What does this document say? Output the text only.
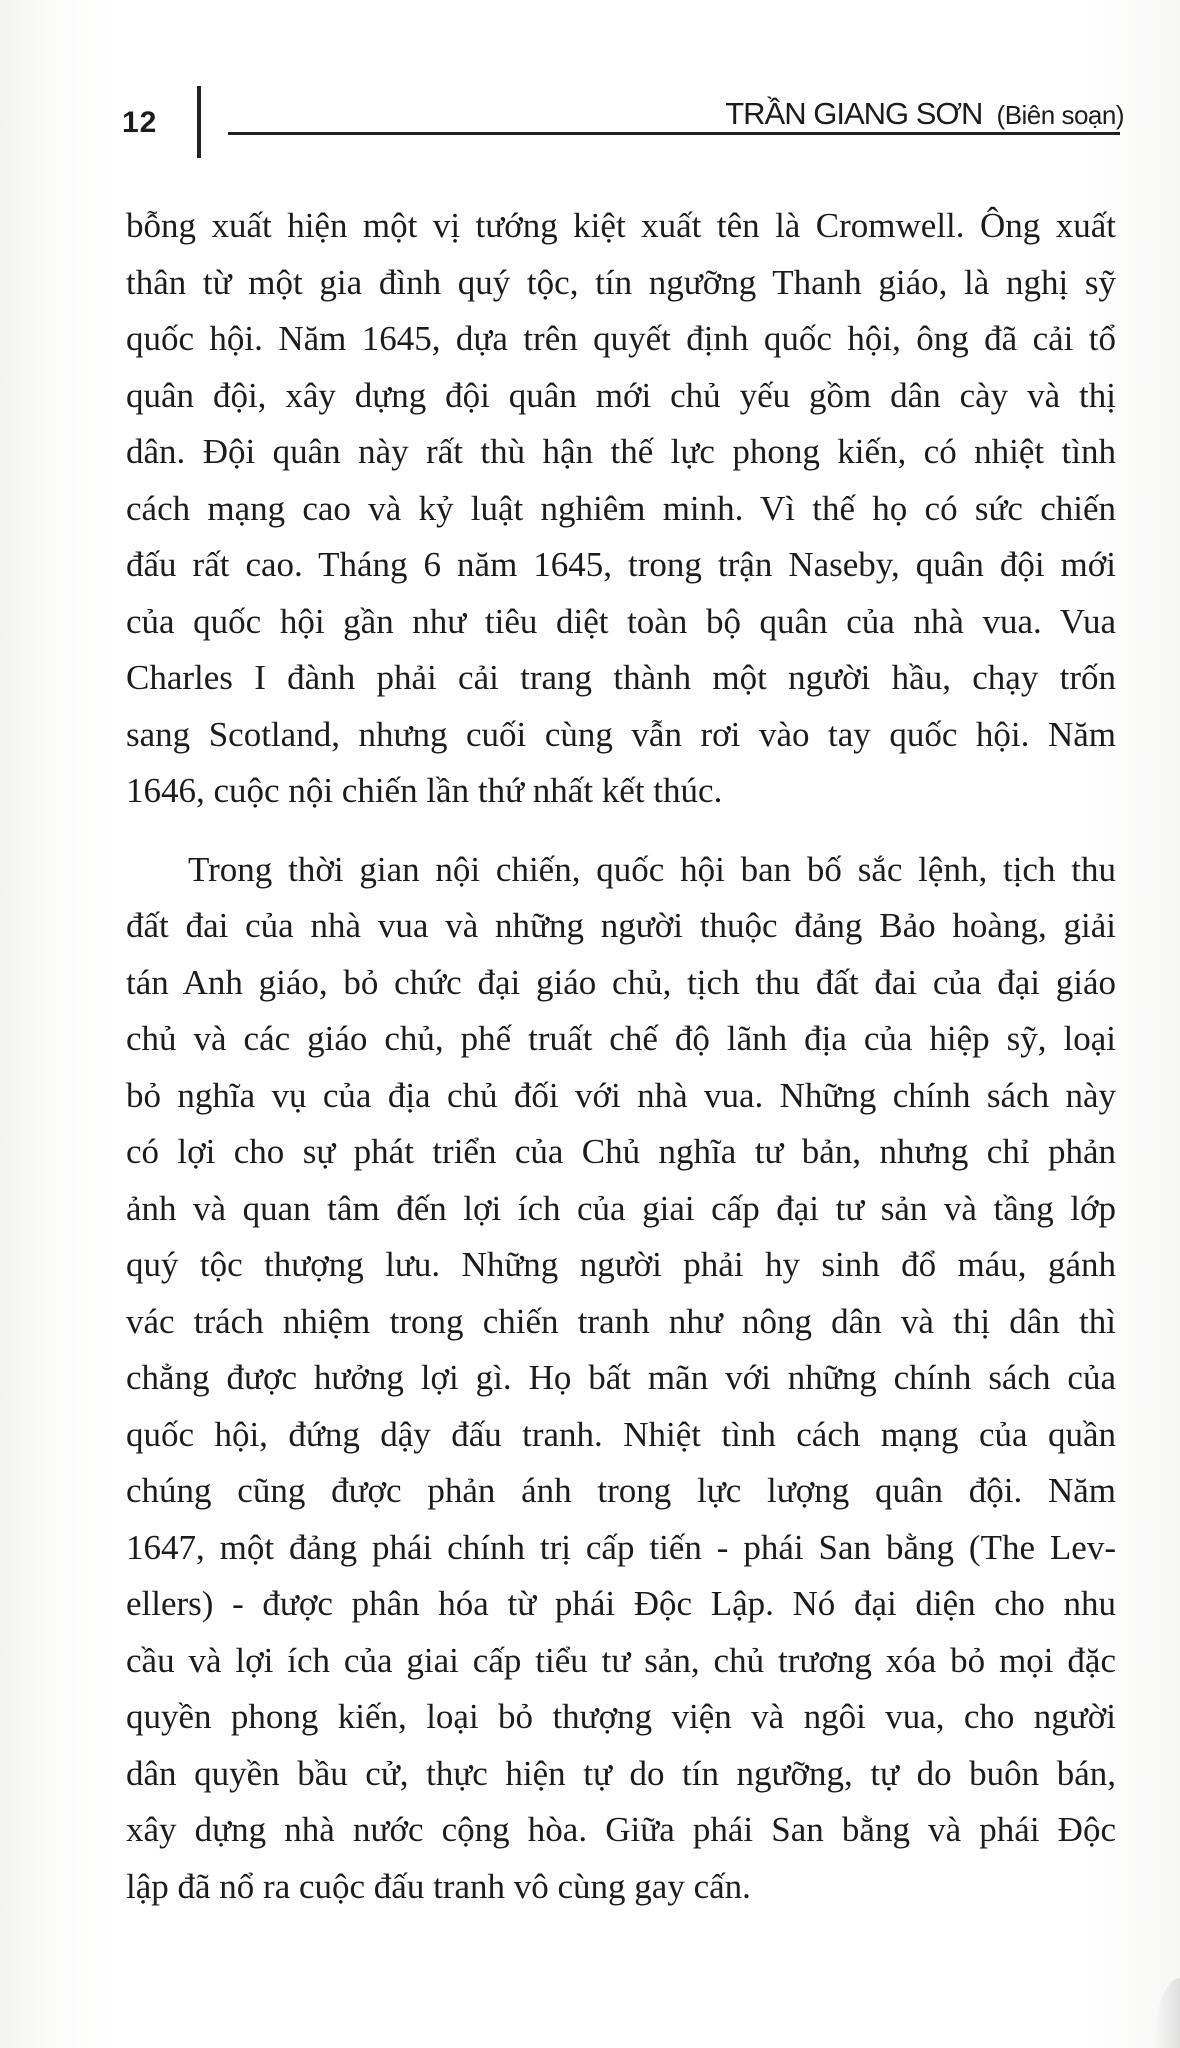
12	TRẦN GIANG SƠN (Biên soạn)
bỗng xuất hiện một vị tướng kiệt xuất tên là Cromwell. Ông xuất
thân từ một gia đình quý tộc, tín ngưỡng Thanh giáo, là nghị sỹ
quốc hội. Năm 1645, dựa trên quyết định quốc hội, ông đã cải tổ
quân đội, xây dựng đội quân mới chủ yếu gồm dân cày và thị
dân. Đội quân này rất thù hận thế lực phong kiến, có nhiệt tình
cách mạng cao và kỷ luật nghiêm minh. Vì thế họ có sức chiến
đấu rất cao. Tháng 6 năm 1645, trong trận Naseby, quân đội mới
của quốc hội gần như tiêu diệt toàn bộ quân của nhà vua. Vua
Charles I đành phải cải trang thành một người hầu, chạy trốn
sang Scotland, nhưng cuối cùng vẫn rơi vào tay quốc hội. Năm
1646, cuộc nội chiến lần thứ nhất kết thúc.
Trong thời gian nội chiến, quốc hội ban bố sắc lệnh, tịch thu
đất đai của nhà vua và những người thuộc đảng Bảo hoàng, giải
tán Anh giáo, bỏ chức đại giáo chủ, tịch thu đất đai của đại giáo
chủ và các giáo chủ, phế truất chế độ lãnh địa của hiệp sỹ, loại
bỏ nghĩa vụ của địa chủ đối với nhà vua. Những chính sách này
có lợi cho sự phát triển của Chủ nghĩa tư bản, nhưng chỉ phản
ảnh và quan tâm đến lợi ích của giai cấp đại tư sản và tầng lớp
quý tộc thượng lưu. Những người phải hy sinh đổ máu, gánh
vác trách nhiệm trong chiến tranh như nông dân và thị dân thì
chẳng được hưởng lợi gì. Họ bất mãn với những chính sách của
quốc hội, đứng dậy đấu tranh. Nhiệt tình cách mạng của quần
chúng cũng được phản ánh trong lực lượng quân đội. Năm
1647, một đảng phái chính trị cấp tiến - phái San bằng (The Lev-
ellers) - được phân hóa từ phái Độc Lập. Nó đại diện cho nhu
cầu và lợi ích của giai cấp tiểu tư sản, chủ trương xóa bỏ mọi đặc
quyền phong kiến, loại bỏ thượng viện và ngôi vua, cho người
dân quyền bầu cử, thực hiện tự do tín ngưỡng, tự do buôn bán,
xây dựng nhà nước cộng hòa. Giữa phái San bằng và phái Độc
lập đã nổ ra cuộc đấu tranh vô cùng gay cấn.
